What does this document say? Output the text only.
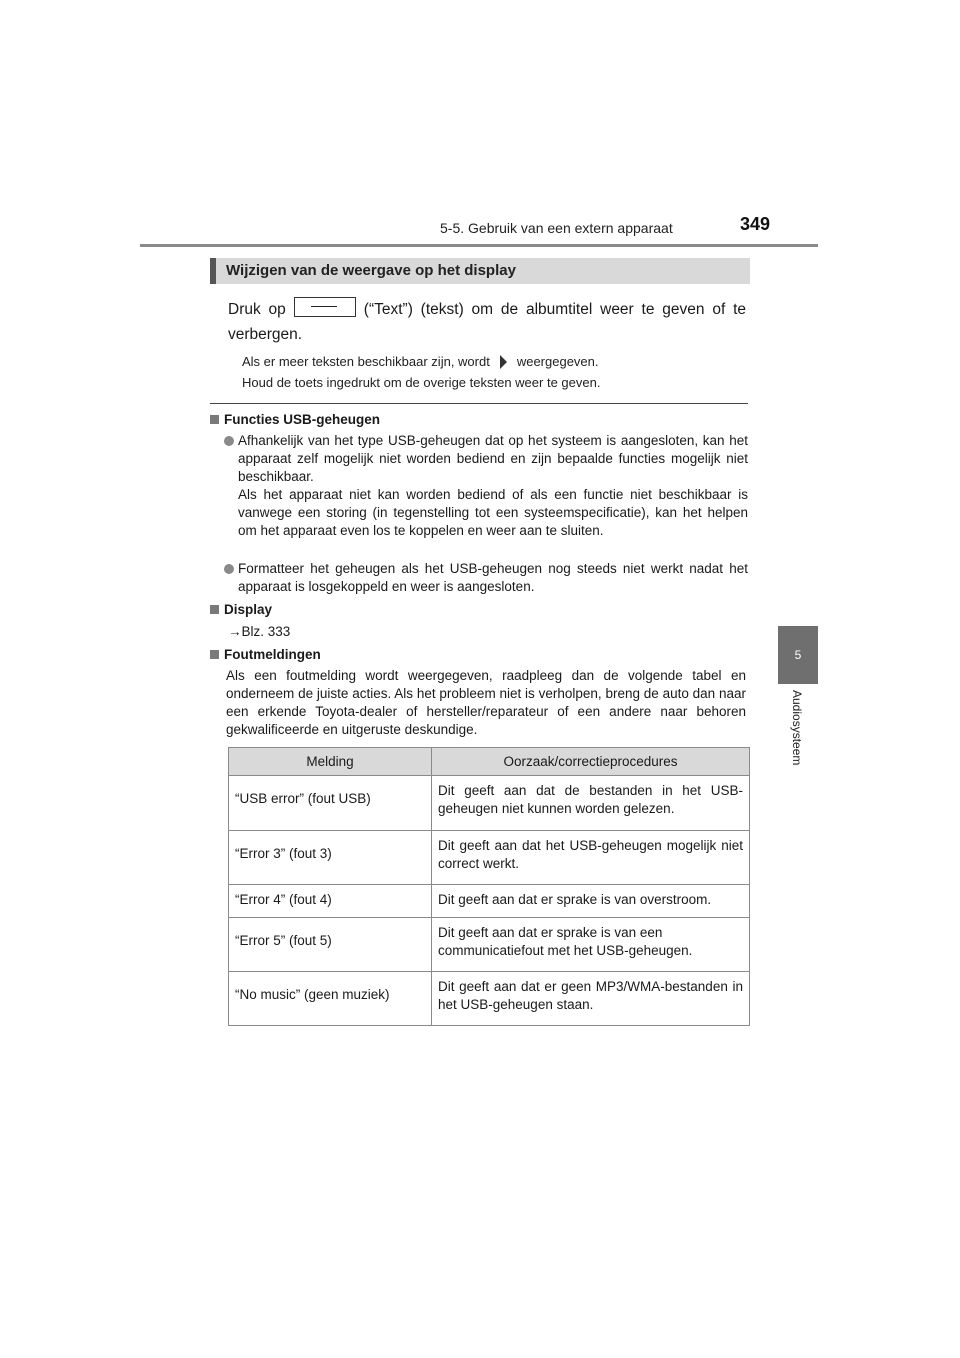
5-5. Gebruik van een extern apparaat	349
5
Audiosysteem
Wijzigen van de weergave op het display
Druk op	(“Text”) (tekst) om de albumtitel weer te geven of te verbergen.
Als er meer teksten beschikbaar zijn, wordt weergegeven.
Houd de toets ingedrukt om de overige teksten weer te geven.
Functies USB-geheugen

Afhankelijk van het type USB-geheugen dat op het systeem is aangesloten, kan het apparaat zelf mogelijk niet worden bediend en zijn bepaalde functies mogelijk niet beschikbaar.

Als het apparaat niet kan worden bediend of als een functie niet beschikbaar is vanwege een storing (in tegenstelling tot een systeemspecificatie), kan het helpen om het apparaat even los te koppelen en weer aan te sluiten.

Formatteer het geheugen als het USB-geheugen nog steeds niet werkt nadat het apparaat is losgekoppeld en weer is aangesloten.

Display
→Blz. 333
Foutmeldingen
Als een foutmelding wordt weergegeven, raadpleeg dan de volgende tabel en onderneem de juiste acties. Als het probleem niet is verholpen, breng de auto dan naar een erkende Toyota-dealer of hersteller/reparateur of een andere naar behoren gekwalificeerde en uitgeruste deskundige.
Melding	Oorzaak/correctieprocedures
“USB error” (fout USB)	Dit geeft aan dat de bestanden in het USB-geheugen niet kunnen worden gelezen.
“Error 3” (fout 3)	Dit geeft aan dat het USB-geheugen mogelijk niet correct werkt.
“Error 4” (fout 4)	Dit geeft aan dat er sprake is van overstroom.
“Error 5” (fout 5)	Dit geeft aan dat er sprake is van een communicatiefout met het USB-geheugen.
“No music” (geen muziek)	Dit geeft aan dat er geen MP3/WMA-bestanden in het USB-geheugen staan.
